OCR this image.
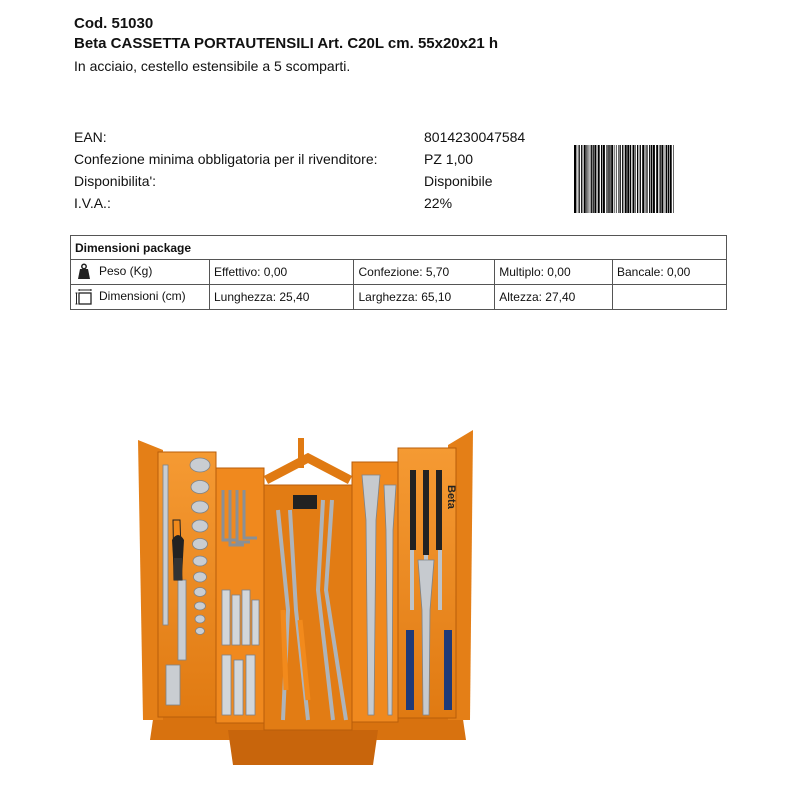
Cod. 51030
Beta CASSETTA PORTAUTENSILI Art. C20L cm. 55x20x21 h
In acciaio, cestello estensibile a 5 scomparti.
EAN:	8014230047584
Confezione minima obbligatoria per il rivenditore:	PZ 1,00
Disponibilita':	Disponibile
I.V.A.:	22%
Dimensioni package				
Peso (Kg)	Effettivo: 0,00	Confezione: 5,70	Multiplo: 0,00	Bancale: 0,00
Dimensioni (cm)	Lunghezza: 25,40	Larghezza: 65,10	Altezza: 27,40	
Beta
